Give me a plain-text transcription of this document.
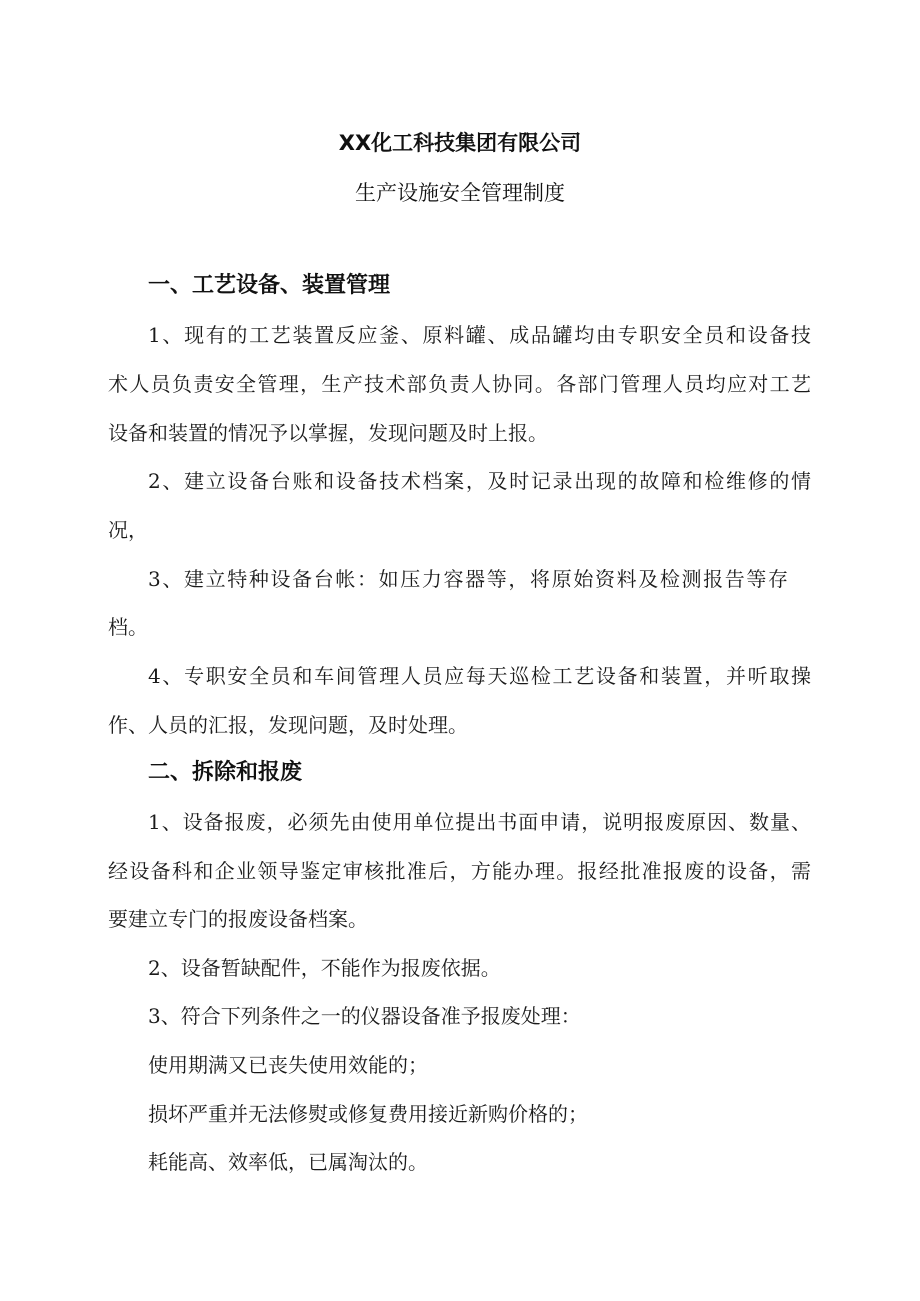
XX化工科技集团有限公司
生产设施安全管理制度
一、工艺设备、装置管理
1、现有的工艺装置反应釜、原料罐、成品罐均由专职安全员和设备技
术人员负责安全管理，生产技术部负责人协同。各部门管理人员均应对工艺
设备和装置的情况予以掌握，发现问题及时上报。
2、建立设备台账和设备技术档案，及时记录出现的故障和检维修的情
况，
3、建立特种设备台帐：如压力容器等，将原始资料及检测报告等存
档。
4、专职安全员和车间管理人员应每天巡检工艺设备和装置，并听取操
作、人员的汇报，发现问题，及时处理。
二、拆除和报废
1、设备报废，必须先由使用单位提出书面申请，说明报废原因、数量、
经设备科和企业领导鉴定审核批准后，方能办理。报经批准报废的设备，需
要建立专门的报废设备档案。
2、设备暂缺配件，不能作为报废依据。
3、符合下列条件之一的仪器设备准予报废处理：
使用期满又已丧失使用效能的；
损坏严重并无法修熨或修复费用接近新购价格的；
耗能高、效率低，已属淘汰的。
